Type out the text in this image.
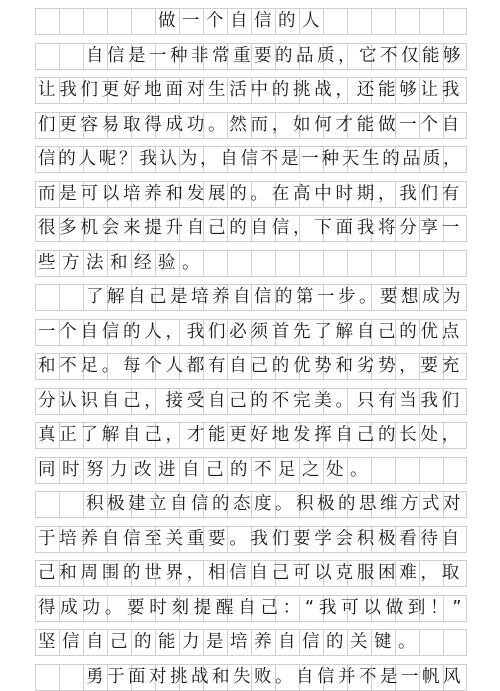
做一个自信的人
自信是一种非常重要的品质，它不仅能够
让我们更好地面对生活中的挑战，还能够让我
们更容易取得成功。然而，如何才能做一个自
信的人呢？我认为，自信不是一种天生的品质，
而是可以培养和发展的。在高中时期，我们有
很多机会来提升自己的自信，下面我将分享一
些方法和经验。
了解自己是培养自信的第一步。要想成为
一个自信的人，我们必须首先了解自己的优点
和不足。每个人都有自己的优势和劣势，要充
分认识自己，接受自己的不完美。只有当我们
真正了解自己，才能更好地发挥自己的长处，
同时努力改进自己的不足之处。
积极建立自信的态度。积极的思维方式对
于培养自信至关重要。我们要学会积极看待自
己和周围的世界，相信自己可以克服困难，取
得成功。要时刻提醒自己：“我可以做到！”
坚信自己的能力是培养自信的关键。
勇于面对挑战和失败。自信并不是一帆风
